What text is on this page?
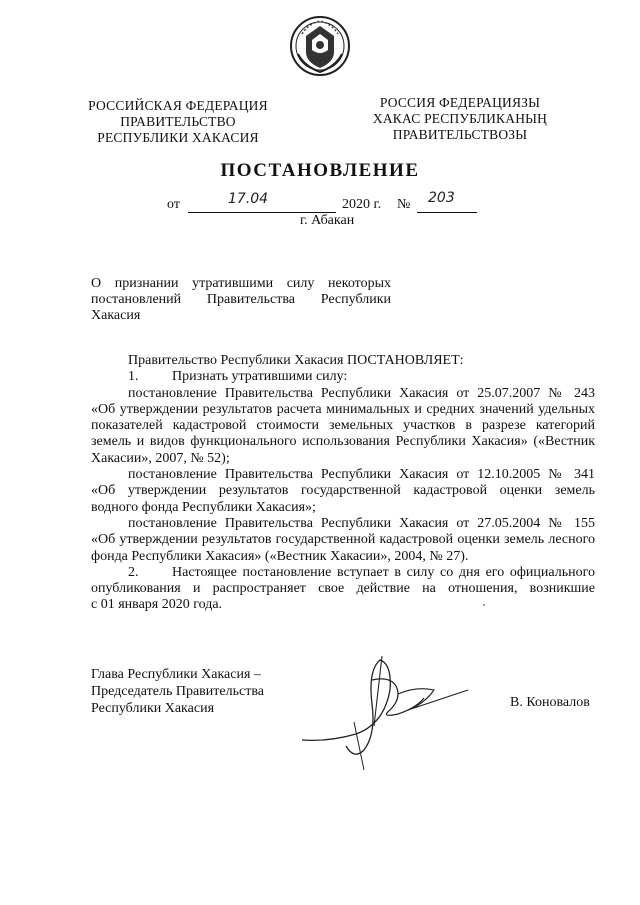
РОССИЙСКАЯ ФЕДЕРАЦИЯ
ПРАВИТЕЛЬСТВО
РЕСПУБЛИКИ ХАКАСИЯ
РОССИЯ ФЕДЕРАЦИЯЗЫ
ХАКАС РЕСПУБЛИКАНЫҢ
ПРАВИТЕЛЬСТВОЗЫ
ПОСТАНОВЛЕНИЕ
от	17.04	2020 г. № 203
г. Абакан
О признании утратившими силу некоторых
постановлений Правительства Республики
Хакасия
Правительство Республики Хакасия ПОСТАНОВЛЯЕТ:
1. Признать утратившими силу:
постановление Правительства Республики Хакасия от 25.07.2007 № 243
«Об утверждении результатов расчета минимальных и средних значений удельных
показателей кадастровой стоимости земельных участков в разрезе категорий
земель и видов функционального использования Республики Хакасия» («Вестник
Хакасии», 2007, № 52);
постановление Правительства Республики Хакасия от 12.10.2005 № 341
«Об утверждении результатов государственной кадастровой оценки земель
водного фонда Республики Хакасия»;
постановление Правительства Республики Хакасия от 27.05.2004 № 155
«Об утверждении результатов государственной кадастровой оценки земель лесного
фонда Республики Хакасия» («Вестник Хакасии», 2004, № 27).
2. Настоящее постановление вступает в силу со дня его официального
опубликования и распространяет свое действие на отношения, возникшие
с 01 января 2020 года.
Глава Республики Хакасия –
Председатель Правительства
Республики Хакасия	В. Коновалов
